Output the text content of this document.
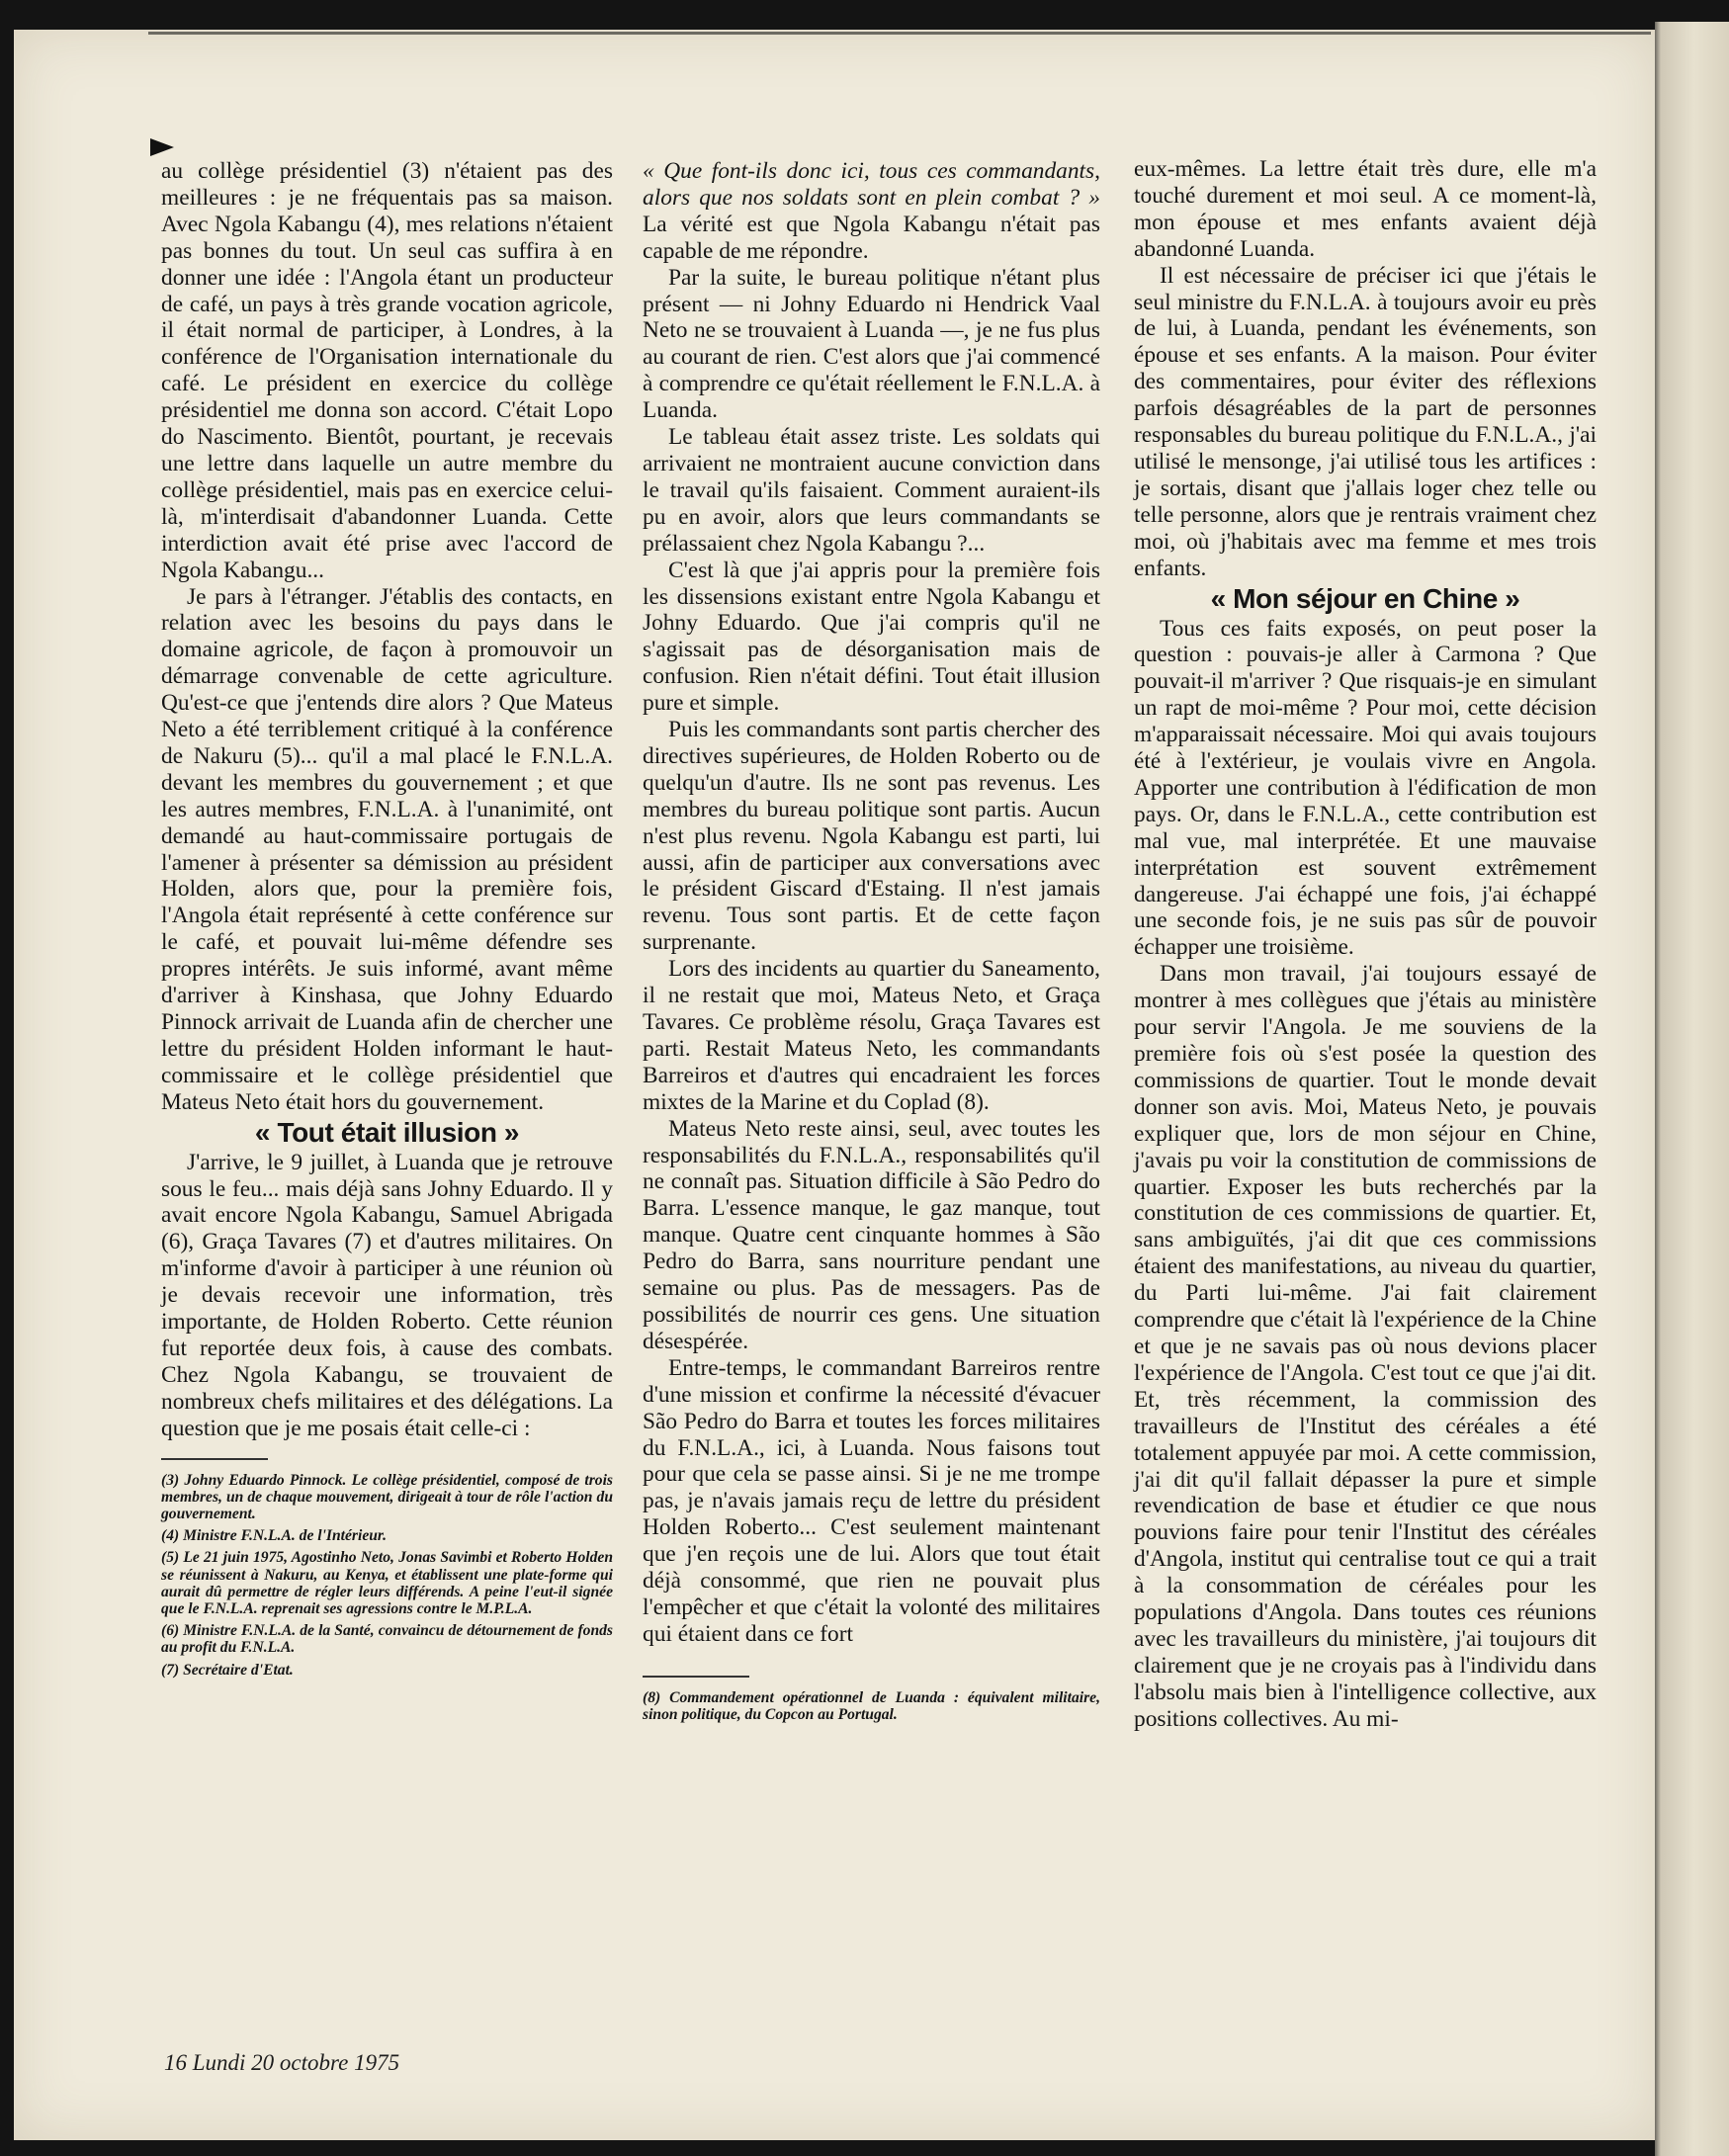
au collège présidentiel (3) n'étaient pas des meilleures : je ne fréquentais pas sa maison. Avec Ngola Kabangu (4), mes relations n'étaient pas bonnes du tout. Un seul cas suffira à en donner une idée : l'Angola étant un producteur de café, un pays à très grande vocation agricole, il était normal de participer, à Londres, à la conférence de l'Organisation internationale du café. Le président en exercice du collège présidentiel me donna son accord. C'était Lopo do Nascimento. Bientôt, pourtant, je recevais une lettre dans laquelle un autre membre du collège présidentiel, mais pas en exercice celui-là, m'interdisait d'abandonner Luanda. Cette interdiction avait été prise avec l'accord de Ngola Kabangu...

Je pars à l'étranger. J'établis des contacts, en relation avec les besoins du pays dans le domaine agricole, de façon à promouvoir un démarrage convenable de cette agriculture. Qu'est-ce que j'entends dire alors ? Que Mateus Neto a été terriblement critiqué à la conférence de Nakuru (5)... qu'il a mal placé le F.N.L.A. devant les membres du gouvernement ; et que les autres membres, F.N.L.A. à l'unanimité, ont demandé au haut-commissaire portugais de l'amener à présenter sa démission au président Holden, alors que, pour la première fois, l'Angola était représenté à cette conférence sur le café, et pouvait lui-même défendre ses propres intérêts. Je suis informé, avant même d'arriver à Kinshasa, que Johny Eduardo Pinnock arrivait de Luanda afin de chercher une lettre du président Holden informant le haut-commissaire et le collège présidentiel que Mateus Neto était hors du gouvernement.

« Tout était illusion »

J'arrive, le 9 juillet, à Luanda que je retrouve sous le feu... mais déjà sans Johny Eduardo. Il y avait encore Ngola Kabangu, Samuel Abrigada (6), Graça Tavares (7) et d'autres militaires. On m'informe d'avoir à participer à une réunion où je devais recevoir une information, très importante, de Holden Roberto. Cette réunion fut reportée deux fois, à cause des combats. Chez Ngola Kabangu, se trouvaient de nombreux chefs militaires et des délégations. La question que je me posais était celle-ci :

(3) Johny Eduardo Pinnock. Le collège présidentiel, composé de trois membres, un de chaque mouvement, dirigeait à tour de rôle l'action du gouvernement.

(4) Ministre F.N.L.A. de l'Intérieur.

(5) Le 21 juin 1975, Agostinho Neto, Jonas Savimbi et Roberto Holden se réunissent à Nakuru, au Kenya, et établissent une plate-forme qui aurait dû permettre de régler leurs différends. A peine l'eut-il signée que le F.N.L.A. reprenait ses agressions contre le M.P.L.A.

(6) Ministre F.N.L.A. de la Santé, convaincu de détournement de fonds au profit du F.N.L.A.

(7) Secrétaire d'Etat.

« Que font-ils donc ici, tous ces commandants, alors que nos soldats sont en plein combat ? » La vérité est que Ngola Kabangu n'était pas capable de me répondre.

Par la suite, le bureau politique n'étant plus présent — ni Johny Eduardo ni Hendrick Vaal Neto ne se trouvaient à Luanda —, je ne fus plus au courant de rien. C'est alors que j'ai commencé à comprendre ce qu'était réellement le F.N.L.A. à Luanda.

Le tableau était assez triste. Les soldats qui arrivaient ne montraient aucune conviction dans le travail qu'ils faisaient. Comment auraient-ils pu en avoir, alors que leurs commandants se prélassaient chez Ngola Kabangu ?...

C'est là que j'ai appris pour la première fois les dissensions existant entre Ngola Kabangu et Johny Eduardo. Que j'ai compris qu'il ne s'agissait pas de désorganisation mais de confusion. Rien n'était défini. Tout était illusion pure et simple.

Puis les commandants sont partis chercher des directives supérieures, de Holden Roberto ou de quelqu'un d'autre. Ils ne sont pas revenus. Les membres du bureau politique sont partis. Aucun n'est plus revenu. Ngola Kabangu est parti, lui aussi, afin de participer aux conversations avec le président Giscard d'Estaing. Il n'est jamais revenu. Tous sont partis. Et de cette façon surprenante.

Lors des incidents au quartier du Saneamento, il ne restait que moi, Mateus Neto, et Graça Tavares. Ce problème résolu, Graça Tavares est parti. Restait Mateus Neto, les commandants Barreiros et d'autres qui encadraient les forces mixtes de la Marine et du Coplad (8).

Mateus Neto reste ainsi, seul, avec toutes les responsabilités du F.N.L.A., responsabilités qu'il ne connaît pas. Situation difficile à São Pedro do Barra. L'essence manque, le gaz manque, tout manque. Quatre cent cinquante hommes à São Pedro do Barra, sans nourriture pendant une semaine ou plus. Pas de messagers. Pas de possibilités de nourrir ces gens. Une situation désespérée.

Entre-temps, le commandant Barreiros rentre d'une mission et confirme la nécessité d'évacuer São Pedro do Barra et toutes les forces militaires du F.N.L.A., ici, à Luanda. Nous faisons tout pour que cela se passe ainsi. Si je ne me trompe pas, je n'avais jamais reçu de lettre du président Holden Roberto... C'est seulement maintenant que j'en reçois une de lui. Alors que tout était déjà consommé, que rien ne pouvait plus l'empêcher et que c'était la volonté des militaires qui étaient dans ce fort

(8) Commandement opérationnel de Luanda : équivalent militaire, sinon politique, du Copcon au Portugal.

eux-mêmes. La lettre était très dure, elle m'a touché durement et moi seul. A ce moment-là, mon épouse et mes enfants avaient déjà abandonné Luanda.

Il est nécessaire de préciser ici que j'étais le seul ministre du F.N.L.A. à toujours avoir eu près de lui, à Luanda, pendant les événements, son épouse et ses enfants. A la maison. Pour éviter des commentaires, pour éviter des réflexions parfois désagréables de la part de personnes responsables du bureau politique du F.N.L.A., j'ai utilisé le mensonge, j'ai utilisé tous les artifices : je sortais, disant que j'allais loger chez telle ou telle personne, alors que je rentrais vraiment chez moi, où j'habitais avec ma femme et mes trois enfants.

« Mon séjour en Chine »

Tous ces faits exposés, on peut poser la question : pouvais-je aller à Carmona ? Que pouvait-il m'arriver ? Que risquais-je en simulant un rapt de moi-même ? Pour moi, cette décision m'apparaissait nécessaire. Moi qui avais toujours été à l'extérieur, je voulais vivre en Angola. Apporter une contribution à l'édification de mon pays. Or, dans le F.N.L.A., cette contribution est mal vue, mal interprétée. Et une mauvaise interprétation est souvent extrêmement dangereuse. J'ai échappé une fois, j'ai échappé une seconde fois, je ne suis pas sûr de pouvoir échapper une troisième.

Dans mon travail, j'ai toujours essayé de montrer à mes collègues que j'étais au ministère pour servir l'Angola. Je me souviens de la première fois où s'est posée la question des commissions de quartier. Tout le monde devait donner son avis. Moi, Mateus Neto, je pouvais expliquer que, lors de mon séjour en Chine, j'avais pu voir la constitution de commissions de quartier. Exposer les buts recherchés par la constitution de ces commissions de quartier. Et, sans ambiguïtés, j'ai dit que ces commissions étaient des manifestations, au niveau du quartier, du Parti lui-même. J'ai fait clairement comprendre que c'était là l'expérience de la Chine et que je ne savais pas où nous devions placer l'expérience de l'Angola. C'est tout ce que j'ai dit. Et, très récemment, la commission des travailleurs de l'Institut des céréales a été totalement appuyée par moi. A cette commission, j'ai dit qu'il fallait dépasser la pure et simple revendication de base et étudier ce que nous pouvions faire pour tenir l'Institut des céréales d'Angola, institut qui centralise tout ce qui a trait à la consommation de céréales pour les populations d'Angola. Dans toutes ces réunions avec les travailleurs du ministère, j'ai toujours dit clairement que je ne croyais pas à l'individu dans l'absolu mais bien à l'intelligence collective, aux positions collectives. Au mi-

16 Lundi 20 octobre 1975
